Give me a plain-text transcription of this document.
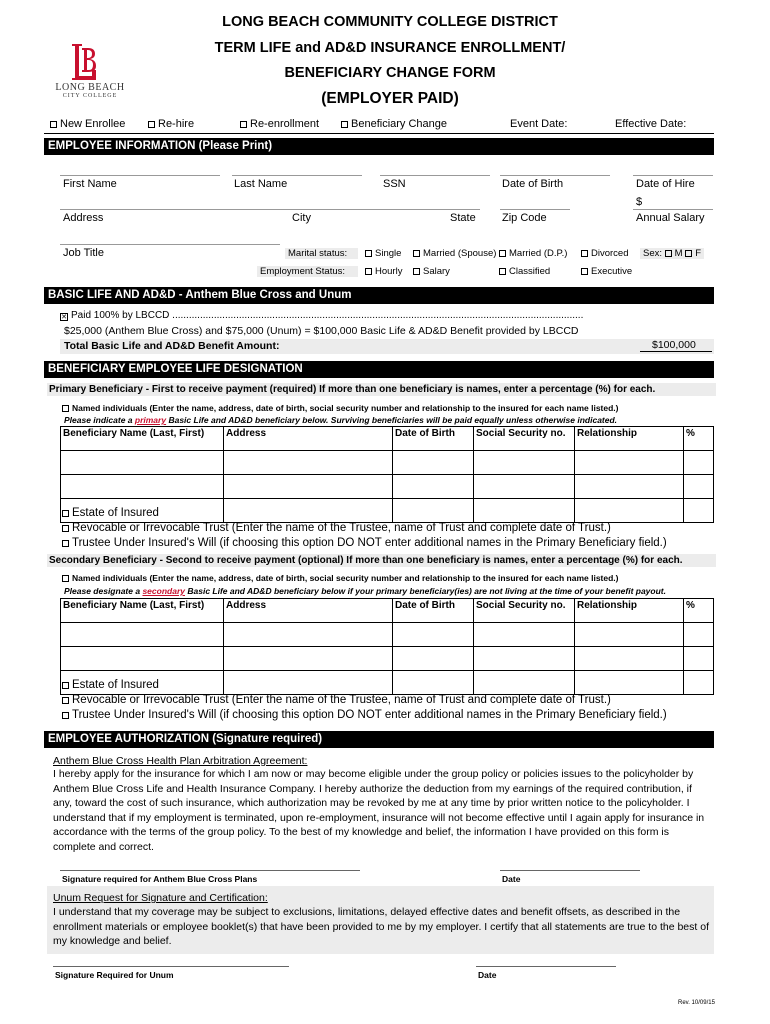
LONG BEACH
CITY COLLEGE
LONG BEACH COMMUNITY COLLEGE DISTRICT
TERM LIFE and AD&D INSURANCE ENROLLMENT/
BENEFICIARY CHANGE FORM
(EMPLOYER PAID)
New Enrollee	Re-hire	Re-enrollment	Beneficiary Change	Event Date:	Effective Date:
EMPLOYEE INFORMATION (Please Print)
First Name	Last Name	SSN	Date of Birth	Date of Hire
$
Address	City	State Zip Code	Annual Salary
Job Title	Marital status:	Single	Married (Spouse)	Married (D.P.)	Divorced	Sex: M F
Employment Status:	Hourly	Salary	Classified	Executive
BASIC LIFE AND AD&D - Anthem Blue Cross and Unum
✕ Paid 100% by LBCCD ....................................................................................................................................................
$25,000 (Anthem Blue Cross) and $75,000 (Unum) = $100,000 Basic Life & AD&D Benefit provided by LBCCD
Total Basic Life and AD&D Benefit Amount:	$100,000
BENEFICIARY EMPLOYEE LIFE DESIGNATION
Primary Beneficiary - First to receive payment (required) If more than one beneficiary is names, enter a percentage (%) for each.
Named individuals (Enter the name, address, date of birth, social security number and relationship to the insured for each name listed.)
Please indicate a primary Basic Life and AD&D beneficiary below. Surviving beneficiaries will be paid equally unless otherwise indicated.
Beneficiary Name (Last, First)	Address	Date of Birth	Social Security no.	Relationship	%

Estate of Insured
Revocable or Irrevocable Trust (Enter the name of the Trustee, name of Trust and complete date of Trust.)
Trustee Under Insured's Will (if choosing this option DO NOT enter additional names in the Primary Beneficiary field.)
Secondary Beneficiary - Second to receive payment (optional) If more than one beneficiary is names, enter a percentage (%) for each.
Named individuals (Enter the name, address, date of birth, social security number and relationship to the insured for each name listed.)
Please designate a secondary Basic Life and AD&D beneficiary below if your primary beneficiary(ies) are not living at the time of your benefit payout.
Beneficiary Name (Last, First)	Address	Date of Birth	Social Security no.	Relationship	%

Estate of Insured
Revocable or Irrevocable Trust (Enter the name of the Trustee, name of Trust and complete date of Trust.)
Trustee Under Insured's Will (if choosing this option DO NOT enter additional names in the Primary Beneficiary field.)
EMPLOYEE AUTHORIZATION (Signature required)
Anthem Blue Cross Health Plan Arbitration Agreement:
I hereby apply for the insurance for which I am now or may become eligible under the group policy or policies issues to the policyholder by Anthem Blue Cross Life and Health Insurance Company. I hereby authorize the deduction from my earnings of the required contribution, if any, toward the cost of such insurance, which authorization may be revoked by me at any time by prior written notice to the policyholder. I understand that if my employment is terminated, upon re-employment, insurance will not become effective until I again apply for insurance in accordance with the terms of the group policy. To the best of my knowledge and belief, the information I have provided on this form is complete and correct.
Signature required for Anthem Blue Cross Plans	Date
Unum Request for Signature and Certification:
I understand that my coverage may be subject to exclusions, limitations, delayed effective dates and benefit offsets, as described in the enrollment materials or employee booklet(s) that have been provided to me by my employer. I certify that all statements are true to the best of my knowledge and belief.
Signature Required for Unum	Date
Rev. 10/09/15
